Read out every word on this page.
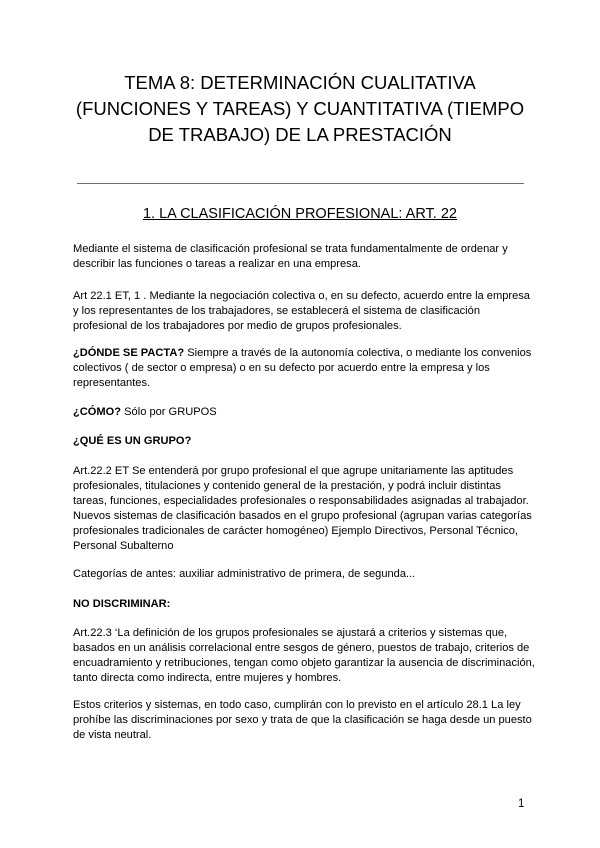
TEMA 8: DETERMINACIÓN CUALITATIVA
(FUNCIONES Y TAREAS) Y CUANTITATIVA (TIEMPO
DE TRABAJO) DE LA PRESTACIÓN
1. LA CLASIFICACIÓN PROFESIONAL: ART. 22
Mediante el sistema de clasificación profesional se trata fundamentalmente de ordenar y describir las funciones o tareas a realizar en una empresa.
Art 22.1 ET, 1 . Mediante la negociación colectiva o, en su defecto, acuerdo entre la empresa y los representantes de los trabajadores, se establecerá el sistema de clasificación profesional de los trabajadores por medio de grupos profesionales.
¿DÓNDE SE PACTA? Siempre a través de la autonomía colectiva, o mediante los convenios colectivos ( de sector o empresa) o en su defecto por acuerdo entre la empresa y los representantes.
¿CÓMO? Sólo por GRUPOS
¿QUÉ ES UN GRUPO?
Art.22.2 ET Se entenderá por grupo profesional el que agrupe unitariamente las aptitudes profesionales, titulaciones y contenido general de la prestación, y podrá incluir distintas tareas, funciones, especialidades profesionales o responsabilidades asignadas al trabajador. Nuevos sistemas de clasificación basados en el grupo profesional (agrupan varias categorías profesionales tradicionales de carácter homogéneo) Ejemplo Directivos, Personal Técnico, Personal Subalterno
Categorías de antes: auxiliar administrativo de primera, de segunda...
NO DISCRIMINAR:
Art.22.3 ‘La definición de los grupos profesionales se ajustará a criterios y sistemas que, basados en un análisis correlacional entre sesgos de género, puestos de trabajo, criterios de encuadramiento y retribuciones, tengan como objeto garantizar la ausencia de discriminación, tanto directa como indirecta, entre mujeres y hombres.
Estos criterios y sistemas, en todo caso, cumplirán con lo previsto en el artículo 28.1 La ley prohíbe las discriminaciones por sexo y trata de que la clasificación se haga desde un puesto de vista neutral.
1
